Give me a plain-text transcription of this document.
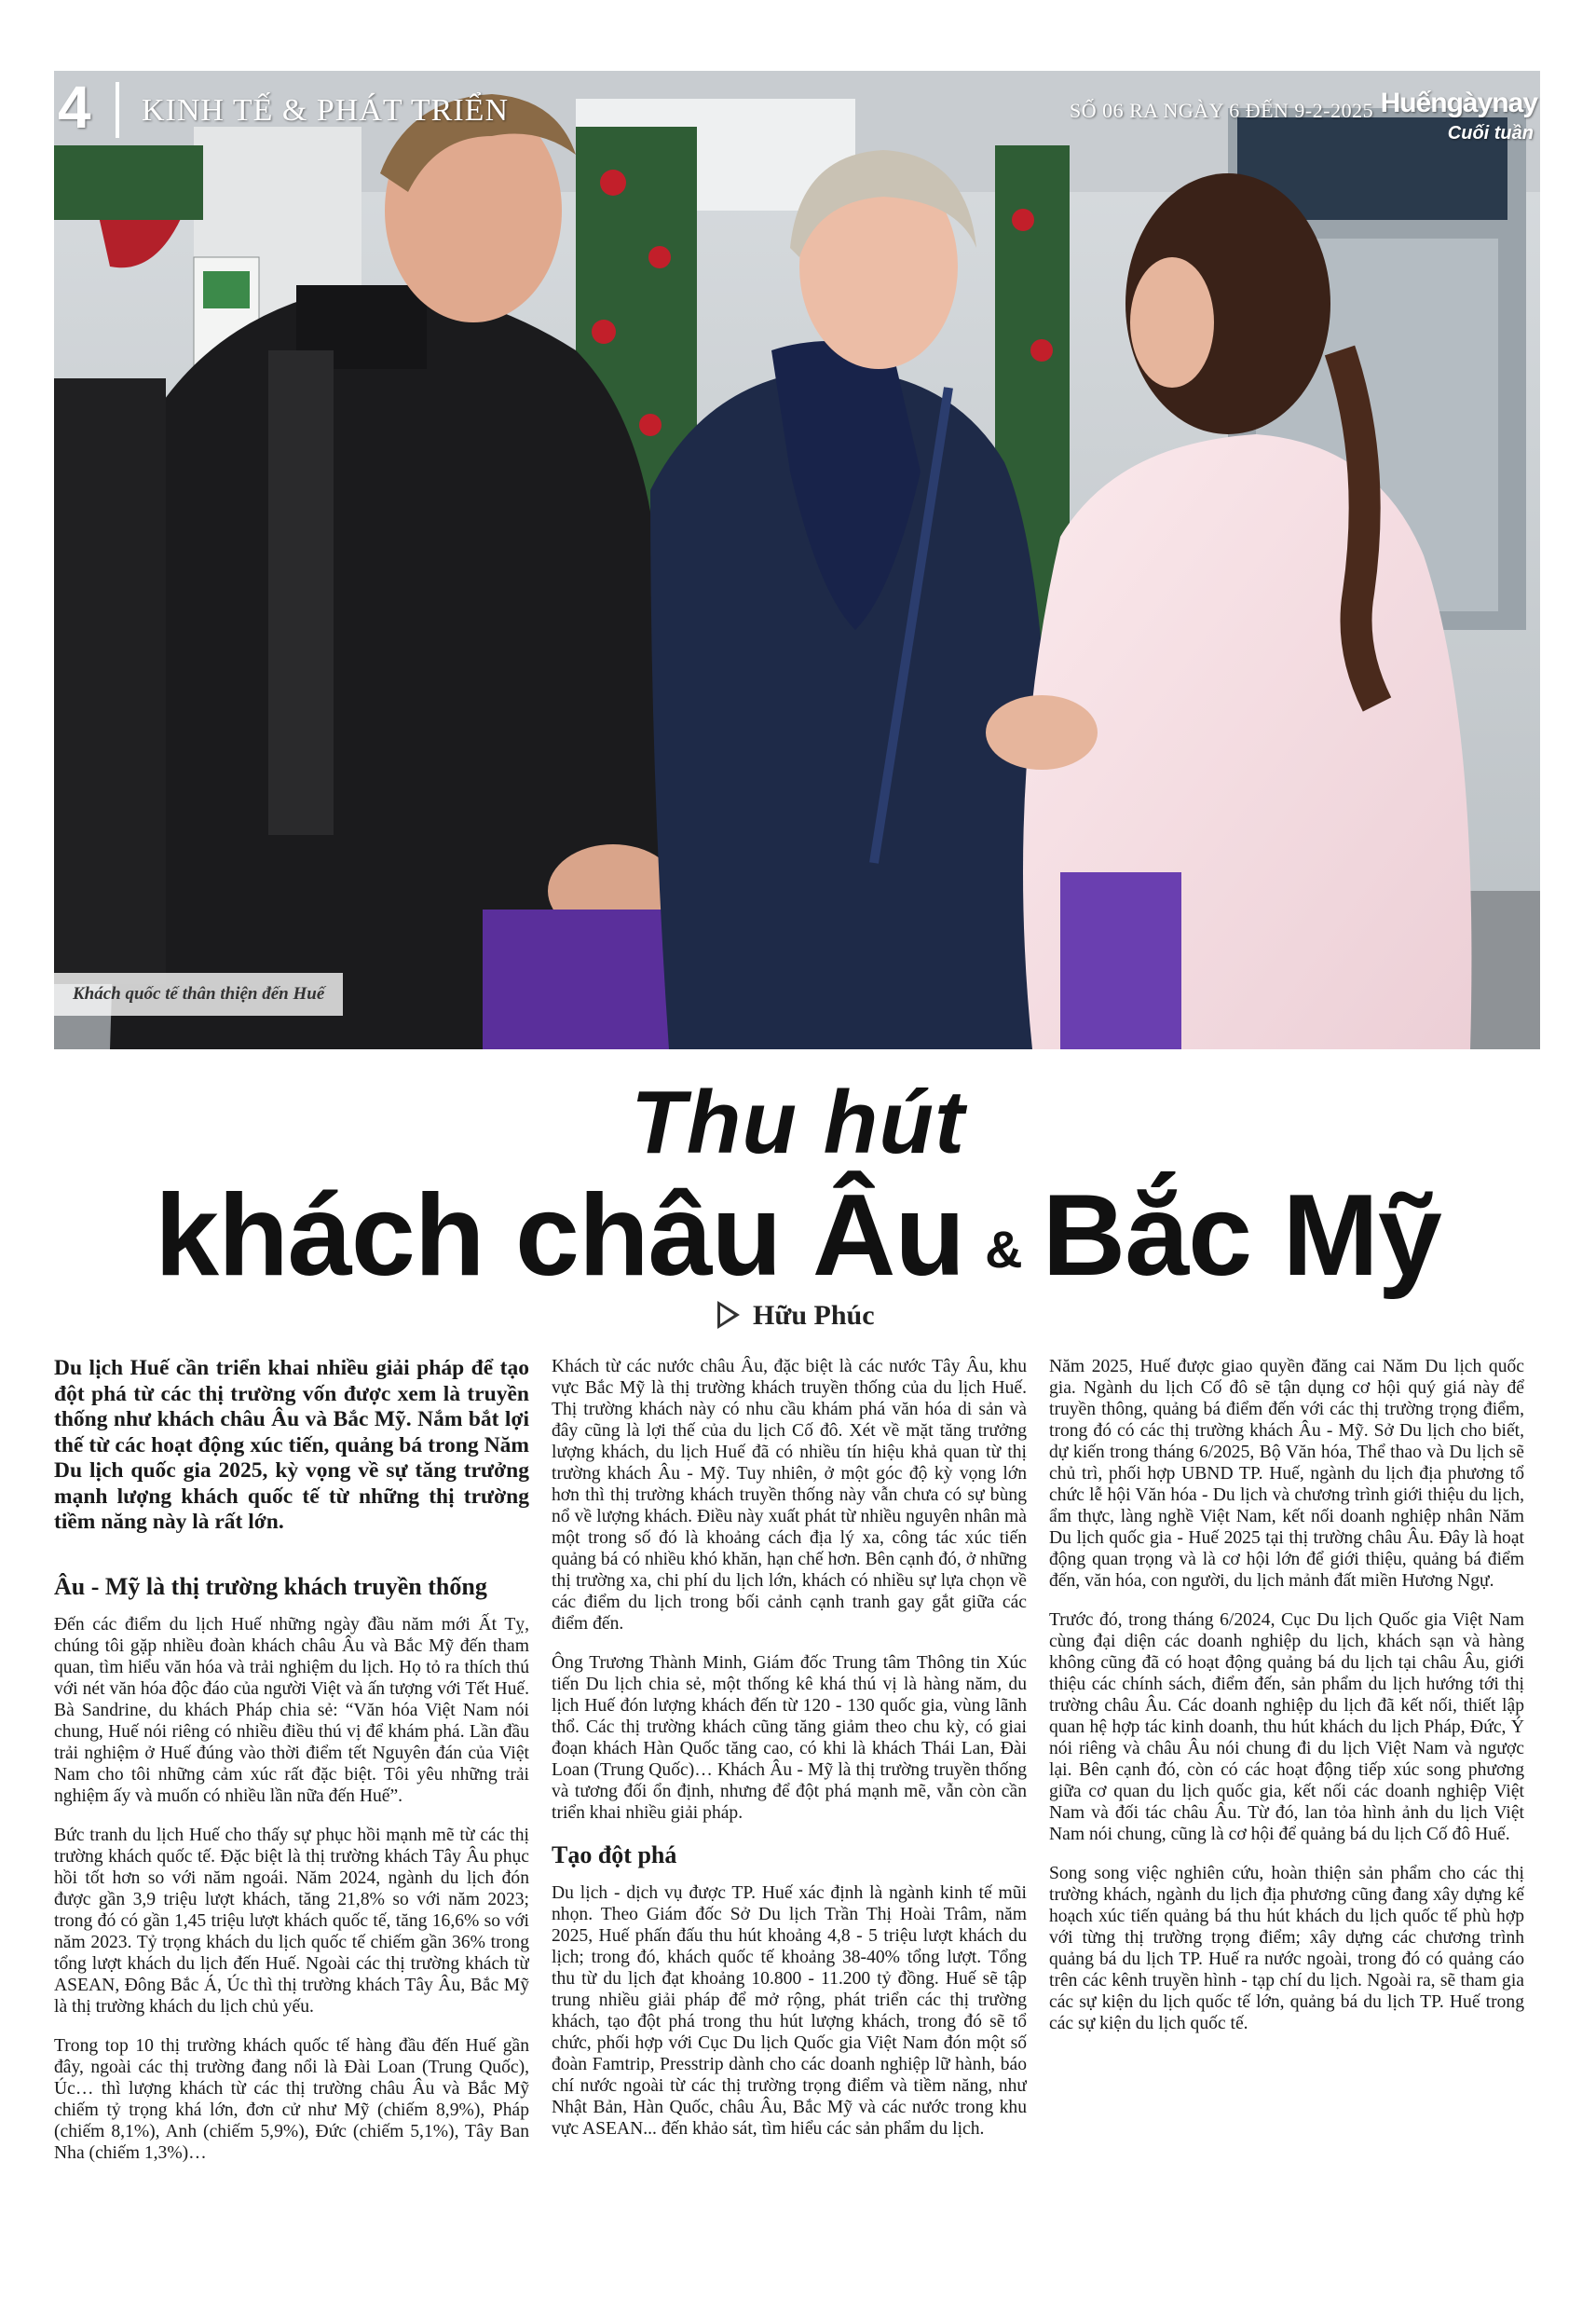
4 KINH TẾ & PHÁT TRIỂN	SỐ 06 RA NGÀY 6 ĐẾN 9-2-2025 Huếngàynay
Cuối tuần
Khách quốc tế thân thiện đến Huế
Thu hút
khách châu Âu & Bắc Mỹ
Hữu Phúc

Du lịch Huế cần triển khai nhiều giải pháp để tạo đột phá từ các thị trường vốn được xem là truyền thống như khách châu Âu và Bắc Mỹ. Nắm bắt lợi thế từ các hoạt động xúc tiến, quảng bá trong Năm Du lịch quốc gia 2025, kỳ vọng về sự tăng trưởng mạnh lượng khách quốc tế từ những thị trường tiềm năng này là rất lớn.

Âu - Mỹ là thị trường khách truyền thống

Đến các điểm du lịch Huế những ngày đầu năm mới Ất Tỵ, chúng tôi gặp nhiều đoàn khách châu Âu và Bắc Mỹ đến tham quan, tìm hiểu văn hóa và trải nghiệm du lịch. Họ tỏ ra thích thú với nét văn hóa độc đáo của người Việt và ấn tượng với Tết Huế. Bà Sandrine, du khách Pháp chia sẻ: “Văn hóa Việt Nam nói chung, Huế nói riêng có nhiều điều thú vị để khám phá. Lần đầu trải nghiệm ở Huế đúng vào thời điểm tết Nguyên đán của Việt Nam cho tôi những cảm xúc rất đặc biệt. Tôi yêu những trải nghiệm ấy và muốn có nhiều lần nữa đến Huế”.

Bức tranh du lịch Huế cho thấy sự phục hồi mạnh mẽ từ các thị trường khách quốc tế. Đặc biệt là thị trường khách Tây Âu phục hồi tốt hơn so với năm ngoái. Năm 2024, ngành du lịch đón được gần 3,9 triệu lượt khách, tăng 21,8% so với năm 2023; trong đó có gần 1,45 triệu lượt khách quốc tế, tăng 16,6% so với năm 2023. Tỷ trọng khách du lịch quốc tế chiếm gần 36% trong tổng lượt khách du lịch đến Huế. Ngoài các thị trường khách từ ASEAN, Đông Bắc Á, Úc thì thị trường khách Tây Âu, Bắc Mỹ là thị trường khách du lịch chủ yếu.

Trong top 10 thị trường khách quốc tế hàng đầu đến Huế gần đây, ngoài các thị trường đang nổi là Đài Loan (Trung Quốc), Úc… thì lượng khách từ các thị trường châu Âu và Bắc Mỹ chiếm tỷ trọng khá lớn, đơn cử như Mỹ (chiếm 8,9%), Pháp (chiếm 8,1%), Anh (chiếm 5,9%), Đức (chiếm 5,1%), Tây Ban Nha (chiếm 1,3%)…

Khách từ các nước châu Âu, đặc biệt là các nước Tây Âu, khu vực Bắc Mỹ là thị trường khách truyền thống của du lịch Huế. Thị trường khách này có nhu cầu khám phá văn hóa di sản và đây cũng là lợi thế của du lịch Cố đô. Xét về mặt tăng trưởng lượng khách, du lịch Huế đã có nhiều tín hiệu khả quan từ thị trường khách Âu - Mỹ. Tuy nhiên, ở một góc độ kỳ vọng lớn hơn thì thị trường khách truyền thống này vẫn chưa có sự bùng nổ về lượng khách. Điều này xuất phát từ nhiều nguyên nhân mà một trong số đó là khoảng cách địa lý xa, công tác xúc tiến quảng bá có nhiều khó khăn, hạn chế hơn. Bên cạnh đó, ở những thị trường xa, chi phí du lịch lớn, khách có nhiều sự lựa chọn về các điểm du lịch trong bối cảnh cạnh tranh gay gắt giữa các điểm đến.

Ông Trương Thành Minh, Giám đốc Trung tâm Thông tin Xúc tiến Du lịch chia sẻ, một thống kê khá thú vị là hàng năm, du lịch Huế đón lượng khách đến từ 120 - 130 quốc gia, vùng lãnh thổ. Các thị trường khách cũng tăng giảm theo chu kỳ, có giai đoạn khách Hàn Quốc tăng cao, có khi là khách Thái Lan, Đài Loan (Trung Quốc)… Khách Âu - Mỹ là thị trường truyền thống và tương đối ổn định, nhưng để đột phá mạnh mẽ, vẫn còn cần triển khai nhiều giải pháp.

Tạo đột phá

Du lịch - dịch vụ được TP. Huế xác định là ngành kinh tế mũi nhọn. Theo Giám đốc Sở Du lịch Trần Thị Hoài Trâm, năm 2025, Huế phấn đấu thu hút khoảng 4,8 - 5 triệu lượt khách du lịch; trong đó, khách quốc tế khoảng 38-40% tổng lượt. Tổng thu từ du lịch đạt khoảng 10.800 - 11.200 tỷ đồng. Huế sẽ tập trung nhiều giải pháp để mở rộng, phát triển các thị trường khách, tạo đột phá trong thu hút lượng khách, trong đó sẽ tổ chức, phối hợp với Cục Du lịch Quốc gia Việt Nam đón một số đoàn Famtrip, Presstrip dành cho các doanh nghiệp lữ hành, báo chí nước ngoài từ các thị trường trọng điểm và tiềm năng, như Nhật Bản, Hàn Quốc, châu Âu, Bắc Mỹ và các nước trong khu vực ASEAN... đến khảo sát, tìm hiểu các sản phẩm du lịch.

Năm 2025, Huế được giao quyền đăng cai Năm Du lịch quốc gia. Ngành du lịch Cố đô sẽ tận dụng cơ hội quý giá này để truyền thông, quảng bá điểm đến với các thị trường trọng điểm, trong đó có các thị trường khách Âu - Mỹ. Sở Du lịch cho biết, dự kiến trong tháng 6/2025, Bộ Văn hóa, Thể thao và Du lịch sẽ chủ trì, phối hợp UBND TP. Huế, ngành du lịch địa phương tổ chức lễ hội Văn hóa - Du lịch và chương trình giới thiệu du lịch, ẩm thực, làng nghề Việt Nam, kết nối doanh nghiệp nhân Năm Du lịch quốc gia - Huế 2025 tại thị trường châu Âu. Đây là hoạt động quan trọng và là cơ hội lớn để giới thiệu, quảng bá điểm đến, văn hóa, con người, du lịch mảnh đất miền Hương Ngự.

Trước đó, trong tháng 6/2024, Cục Du lịch Quốc gia Việt Nam cùng đại diện các doanh nghiệp du lịch, khách sạn và hàng không cũng đã có hoạt động quảng bá du lịch tại châu Âu, giới thiệu các chính sách, điểm đến, sản phẩm du lịch hướng tới thị trường châu Âu. Các doanh nghiệp du lịch đã kết nối, thiết lập quan hệ hợp tác kinh doanh, thu hút khách du lịch Pháp, Đức, Ý nói riêng và châu Âu nói chung đi du lịch Việt Nam và ngược lại. Bên cạnh đó, còn có các hoạt động tiếp xúc song phương giữa cơ quan du lịch quốc gia, kết nối các doanh nghiệp Việt Nam và đối tác châu Âu. Từ đó, lan tỏa hình ảnh du lịch Việt Nam nói chung, cũng là cơ hội để quảng bá du lịch Cố đô Huế.

Song song việc nghiên cứu, hoàn thiện sản phẩm cho các thị trường khách, ngành du lịch địa phương cũng đang xây dựng kế hoạch xúc tiến quảng bá thu hút khách du lịch quốc tế phù hợp với từng thị trường trọng điểm; xây dựng các chương trình quảng bá du lịch TP. Huế ra nước ngoài, trong đó có quảng cáo trên các kênh truyền hình - tạp chí du lịch. Ngoài ra, sẽ tham gia các sự kiện du lịch quốc tế lớn, quảng bá du lịch TP. Huế trong các sự kiện du lịch quốc tế.
